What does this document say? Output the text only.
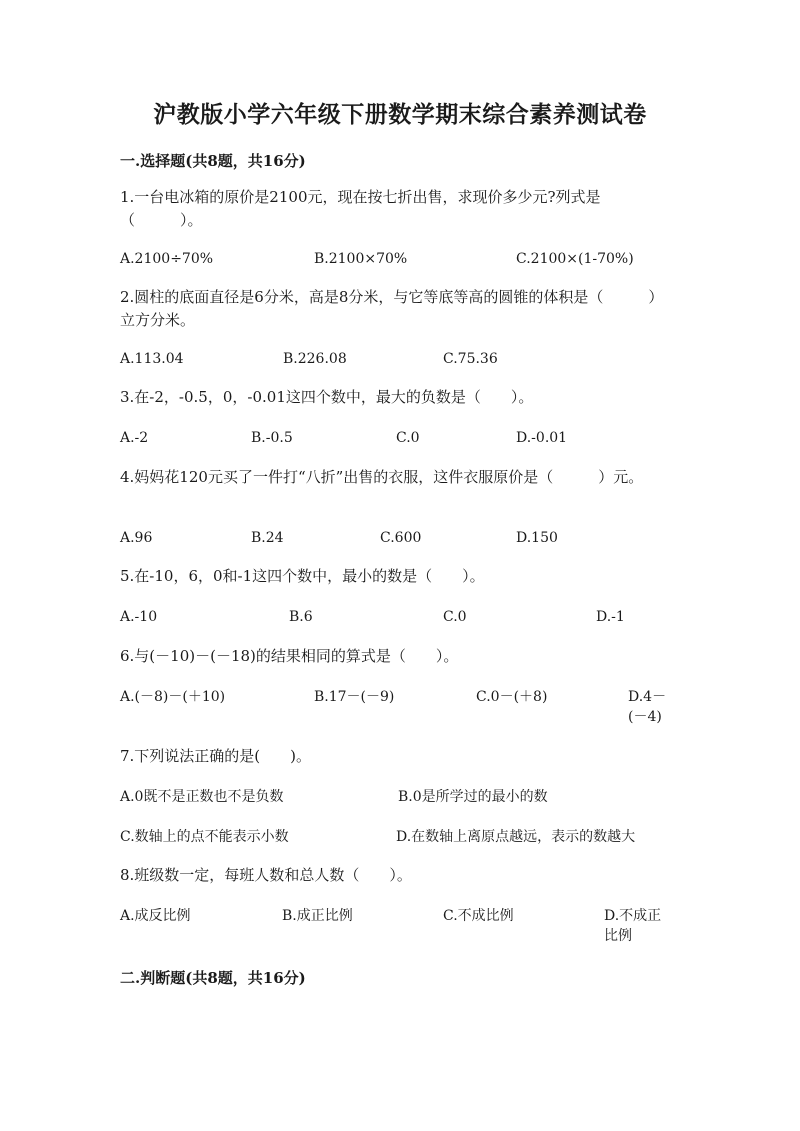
沪教版小学六年级下册数学期末综合素养测试卷
一.选择题(共8题，共16分)
1.一台电冰箱的原价是2100元，现在按七折出售，求现价多少元?列式是（　　　）。
A.2100÷70%	B.2100×70%	C.2100×(1-70%)
2.圆柱的底面直径是6分米，高是8分米，与它等底等高的圆锥的体积是（　　　）立方分米。
A.113.04	B.226.08	C.75.36
3.在-2，-0.5，0，-0.01这四个数中，最大的负数是（　　）。
A.-2	B.-0.5	C.0	D.-0.01
4.妈妈花120元买了一件打“八折”出售的衣服，这件衣服原价是（　　　）元。
A.96	B.24	C.600	D.150
5.在-10，6，0和-1这四个数中，最小的数是（　　）。
A.-10	B.6	C.0	D.-1
6.与(－10)－(－18)的结果相同的算式是（　　）。
A.(－8)－(＋10)	B.17－(－9)	C.0－(＋8)	D.4－(－4)
7.下列说法正确的是(　　)。
A.0既不是正数也不是负数	B.0是所学过的最小的数
C.数轴上的点不能表示小数	D.在数轴上离原点越远，表示的数越大
8.班级数一定，每班人数和总人数（　　）。
A.成反比例	B.成正比例	C.不成比例	D.不成正比例
二.判断题(共8题，共16分)
